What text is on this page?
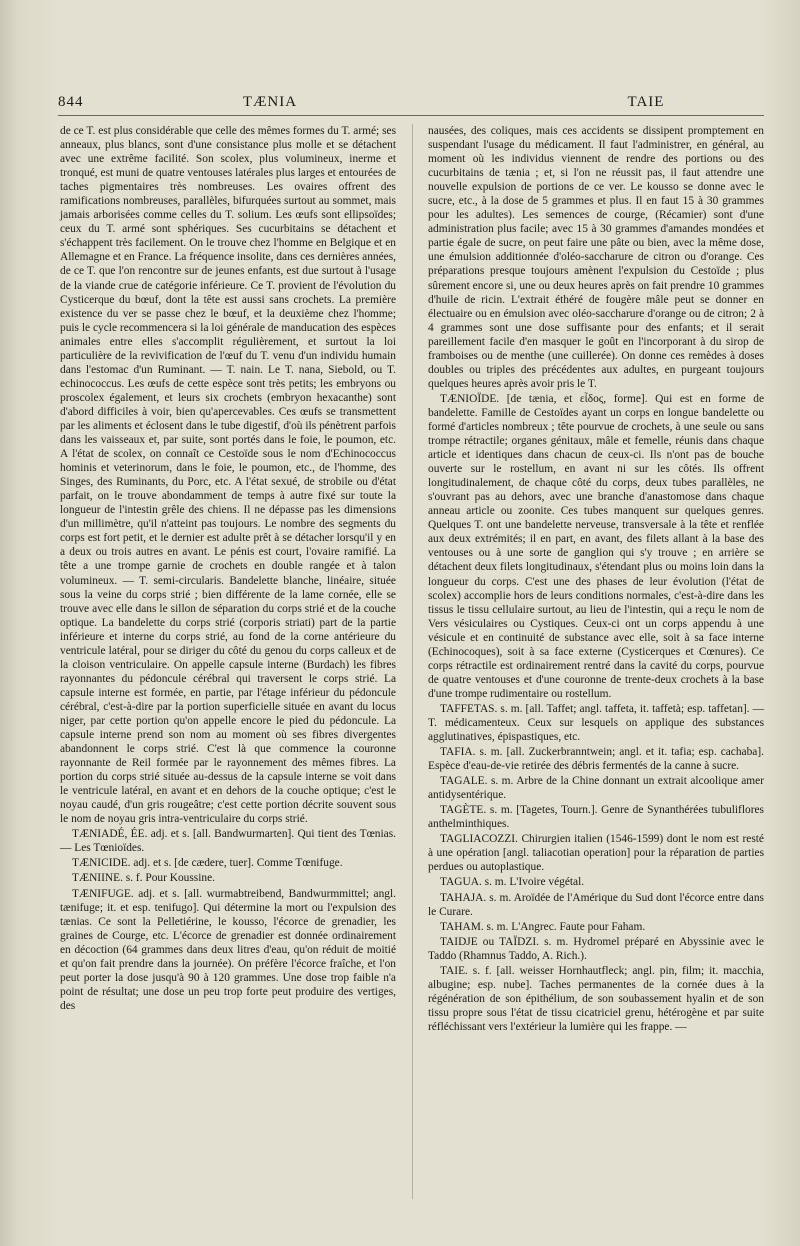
844	TÆNIA	TAIE

de ce T. est plus considérable que celle des mêmes formes du T. armé; ses anneaux, plus blancs, sont d'une consistance plus molle et se détachent avec une extrême facilité. Son scolex, plus volumineux, inerme et tronqué, est muni de quatre ventouses latérales plus larges et entourées de taches pigmentaires très nombreuses. Les ovaires offrent des ramifications nombreuses, parallèles, bifurquées surtout au sommet, mais jamais arborisées comme celles du T. solium. Les œufs sont ellipsoïdes; ceux du T. armé sont sphériques. Ses cucurbitains se détachent et s'échappent très facilement. On le trouve chez l'homme en Belgique et en Allemagne et en France. La fréquence insolite, dans ces dernières années, de ce T. que l'on rencontre sur de jeunes enfants, est due surtout à l'usage de la viande crue de catégorie inférieure. Ce T. provient de l'évolution du Cysticerque du bœuf, dont la tête est aussi sans crochets. La première existence du ver se passe chez le bœuf, et la deuxième chez l'homme; puis le cycle recommencera si la loi générale de manducation des espèces animales entre elles s'accomplit régulièrement, et surtout la loi particulière de la revivification de l'œuf du T. venu d'un individu humain dans l'estomac d'un Ruminant. — T. nain. Le T. nana, Siebold, ou T. echinococcus. Les œufs de cette espèce sont très petits; les embryons ou proscolex également, et leurs six crochets (embryon hexacanthe) sont d'abord difficiles à voir, bien qu'apercevables. Ces œufs se transmettent par les aliments et éclosent dans le tube digestif, d'où ils pénètrent parfois dans les vaisseaux et, par suite, sont portés dans le foie, le poumon, etc. A l'état de scolex, on connaît ce Cestoïde sous le nom d'Echinococcus hominis et veterinorum, dans le foie, le poumon, etc., de l'homme, des Singes, des Ruminants, du Porc, etc. A l'état sexué, de strobile ou d'état parfait, on le trouve abondamment de temps à autre fixé sur toute la longueur de l'intestin grêle des chiens. Il ne dépasse pas les dimensions d'un millimètre, qu'il n'atteint pas toujours. Le nombre des segments du corps est fort petit, et le dernier est adulte prêt à se détacher lorsqu'il y en a deux ou trois autres en avant. Le pénis est court, l'ovaire ramifié. La tête a une trompe garnie de crochets en double rangée et à talon volumineux. — T. semi-circularis. Bandelette blanche, linéaire, située sous la veine du corps strié ; bien différente de la lame cornée, elle se trouve avec elle dans le sillon de séparation du corps strié et de la couche optique. La bandelette du corps strié (corporis striati) part de la partie inférieure et interne du corps strié, au fond de la corne antérieure du ventricule latéral, pour se diriger du côté du genou du corps calleux et de la cloison ventriculaire. On appelle capsule interne (Burdach) les fibres rayonnantes du pédoncule cérébral qui traversent le corps strié. La capsule interne est formée, en partie, par l'étage inférieur du pédoncule cérébral, c'est-à-dire par la portion superficielle située en avant du locus niger, par cette portion qu'on appelle encore le pied du pédoncule. La capsule interne prend son nom au moment où ses fibres divergentes abandonnent le corps strié. C'est là que commence la couronne rayonnante de Reil formée par le rayonnement des mêmes fibres. La portion du corps strié située au-dessus de la capsule interne se voit dans le ventricule latéral, en avant et en dehors de la couche optique; c'est le noyau caudé, d'un gris rougeâtre; c'est cette portion décrite souvent sous le nom de noyau gris intra-ventriculaire du corps strié.

TÆNIADÉ, ÉE. adj. et s. [all. Bandwurmarten]. Qui tient des Tœnias. — Les Tœnioïdes.

TÆNICIDE. adj. et s. [de cædere, tuer]. Comme Tœnifuge.

TÆNIINE. s. f. Pour Koussine.

TÆNIFUGE. adj. et s. [all. wurmabtreibend, Bandwurmmittel; angl. tænifuge; it. et esp. tenifugo]. Qui détermine la mort ou l'expulsion des tænias. Ce sont la Pelletiérine, le kousso, l'écorce de grenadier, les graines de Courge, etc. L'écorce de grenadier est donnée ordinairement en décoction (64 grammes dans deux litres d'eau, qu'on réduit de moitié et qu'on fait prendre dans la journée). On préfère l'écorce fraîche, et l'on peut porter la dose jusqu'à 90 à 120 grammes. Une dose trop faible n'a point de résultat; une dose un peu trop forte peut produire des vertiges, des

nausées, des coliques, mais ces accidents se dissipent promptement en suspendant l'usage du médicament. Il faut l'administrer, en général, au moment où les individus viennent de rendre des portions ou des cucurbitains de tænia ; et, si l'on ne réussit pas, il faut attendre une nouvelle expulsion de portions de ce ver. Le kousso se donne avec le sucre, etc., à la dose de 5 grammes et plus. Il en faut 15 à 30 grammes pour les adultes). Les semences de courge, (Récamier) sont d'une administration plus facile; avec 15 à 30 grammes d'amandes mondées et partie égale de sucre, on peut faire une pâte ou bien, avec la même dose, une émulsion additionnée d'oléo-saccharure de citron ou d'orange. Ces préparations presque toujours amènent l'expulsion du Cestoïde ; plus sûrement encore si, une ou deux heures après on fait prendre 10 grammes d'huile de ricin. L'extrait éthéré de fougère mâle peut se donner en électuaire ou en émulsion avec oléo-saccharure d'orange ou de citron; 2 à 4 grammes sont une dose suffisante pour des enfants; et il serait pareillement facile d'en masquer le goût en l'incorporant à du sirop de framboises ou de menthe (une cuillerée). On donne ces remèdes à doses doubles ou triples des précédentes aux adultes, en purgeant toujours quelques heures après avoir pris le T.

TÆNIOÏDE. [de tænia, et εἶδος, forme]. Qui est en forme de bandelette. Famille de Cestoïdes ayant un corps en longue bandelette ou formé d'articles nombreux ; tête pourvue de crochets, à une seule ou sans trompe rétractile; organes génitaux, mâle et femelle, réunis dans chaque article et identiques dans chacun de ceux-ci. Ils n'ont pas de bouche ouverte sur le rostellum, en avant ni sur les côtés. Ils offrent longitudinalement, de chaque côté du corps, deux tubes parallèles, ne s'ouvrant pas au dehors, avec une branche d'anastomose dans chaque anneau article ou zoonite. Ces tubes manquent sur quelques genres. Quelques T. ont une bandelette nerveuse, transversale à la tête et renflée aux deux extrémités; il en part, en avant, des filets allant à la base des ventouses ou à une sorte de ganglion qui s'y trouve ; en arrière se détachent deux filets longitudinaux, s'étendant plus ou moins loin dans la longueur du corps. C'est une des phases de leur évolution (l'état de scolex) accomplie hors de leurs conditions normales, c'est-à-dire dans les tissus le tissu cellulaire surtout, au lieu de l'intestin, qui a reçu le nom de Vers vésiculaires ou Cystiques. Ceux-ci ont un corps appendu à une vésicule et en continuité de substance avec elle, soit à sa face interne (Echinocoques), soit à sa face externe (Cysticerques et Cœnures). Ce corps rétractile est ordinairement rentré dans la cavité du corps, pourvue de quatre ventouses et d'une couronne de trente-deux crochets à la base d'une trompe rudimentaire ou rostellum.

TAFFETAS. s. m. [all. Taffet; angl. taffeta, it. taffetà; esp. taffetan]. — T. médicamenteux. Ceux sur lesquels on applique des substances agglutinatives, épispastiques, etc.

TAFIA. s. m. [all. Zuckerbranntwein; angl. et it. tafia; esp. cachaba]. Espèce d'eau-de-vie retirée des débris fermentés de la canne à sucre.

TAGALE. s. m. Arbre de la Chine donnant un extrait alcoolique amer antidysentérique.

TAGÈTE. s. m. [Tagetes, Tourn.]. Genre de Synanthérées tubuliflores anthelminthiques.

TAGLIACOZZI. Chirurgien italien (1546-1599) dont le nom est resté à une opération [angl. taliacotian operation] pour la réparation de parties perdues ou autoplastique.

TAGUA. s. m. L'Ivoire végétal.

TAHAJA. s. m. Aroïdée de l'Amérique du Sud dont l'écorce entre dans le Curare.

TAHAM. s. m. L'Angrec. Faute pour Faham.

TAIDJE ou TAÏDZI. s. m. Hydromel préparé en Abyssinie avec le Taddo (Rhamnus Taddo, A. Rich.).

TAIE. s. f. [all. weisser Hornhautfleck; angl. pin, film; it. macchia, albugine; esp. nube]. Taches permanentes de la cornée dues à la régénération de son épithélium, de son soubassement hyalin et de son tissu propre sous l'état de tissu cicatriciel grenu, hétérogène et par suite réfléchissant vers l'extérieur la lumière qui les frappe. —
